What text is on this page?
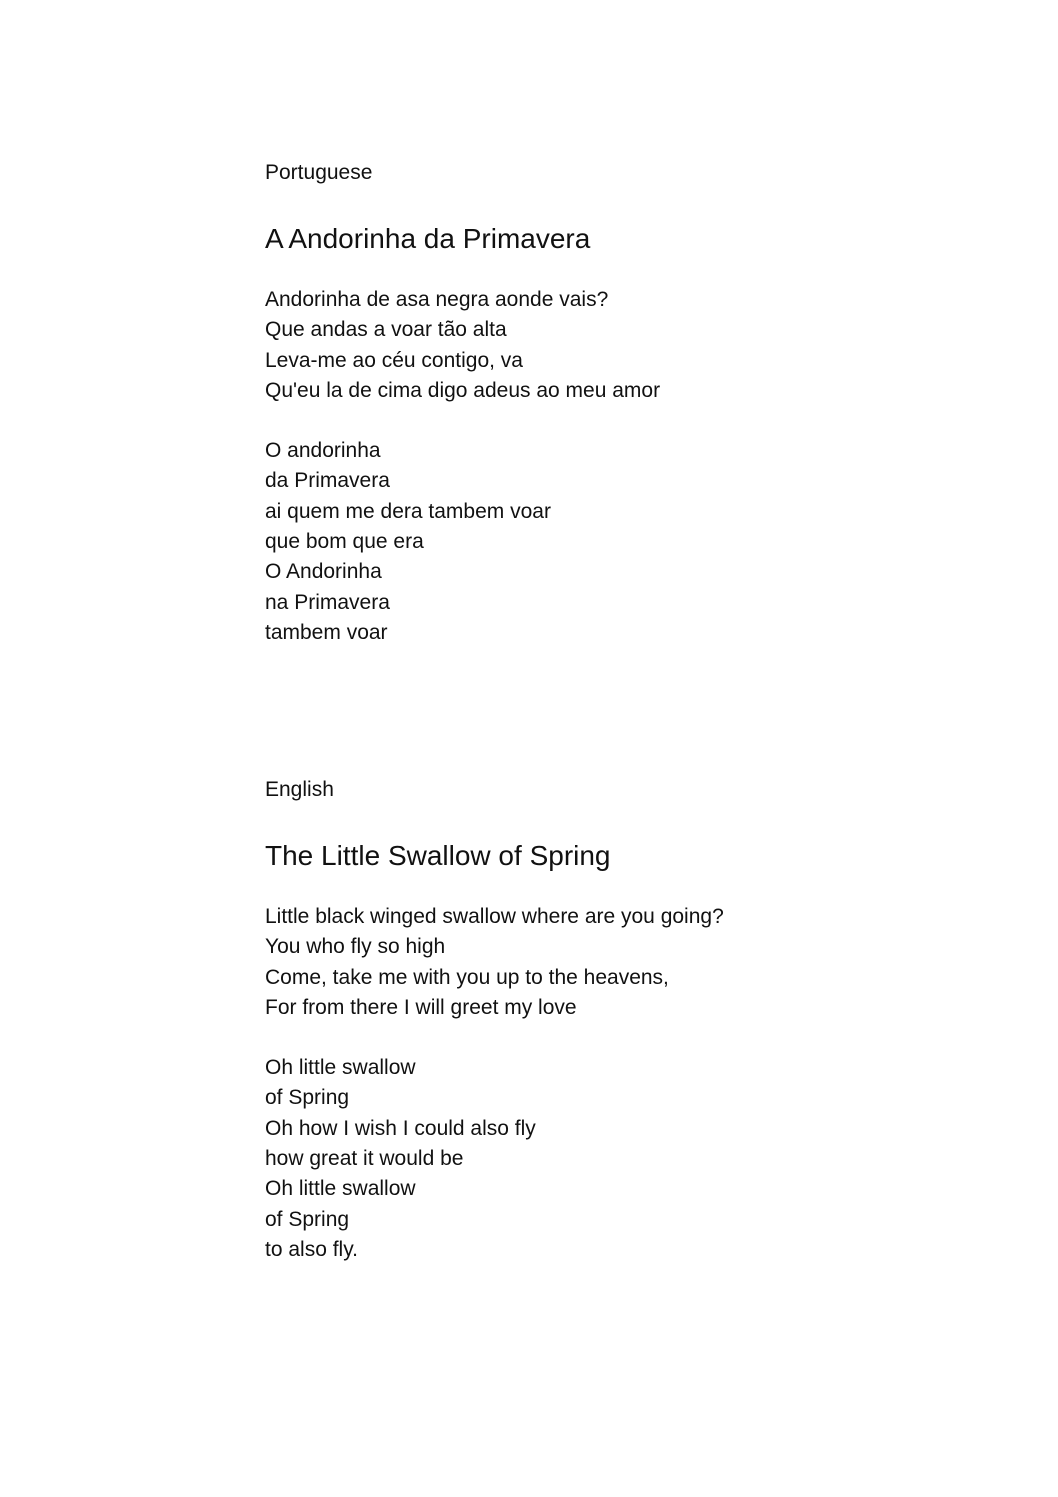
Portuguese

A Andorinha da Primavera
Andorinha de asa negra aonde vais?
Que andas a voar tão alta
Leva-me ao céu contigo, va
Qu'eu la de cima digo adeus ao meu amor
O andorinha
da Primavera
ai quem me dera tambem voar
que bom que era
O Andorinha
na Primavera
tambem voar

English

The Little Swallow of Spring
Little black winged swallow where are you going?
You who fly so high
Come, take me with you up to the heavens,
For from there I will greet my love
Oh little swallow
of Spring
Oh how I wish I could also fly
how great it would be
Oh little swallow
of Spring
to also fly.
